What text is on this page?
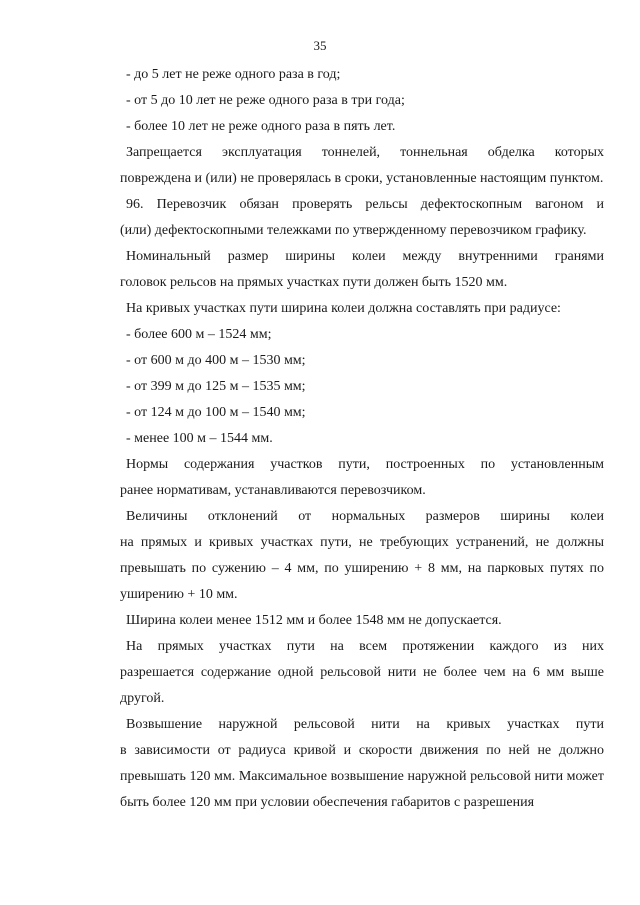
35

- до 5 лет не реже одного раза в год;

- от 5 до 10 лет не реже одного раза в три года;

- более 10 лет не реже одного раза в пять лет.

Запрещается эксплуатация тоннелей, тоннельная обделка которых

повреждена и (или) не проверялась в сроки, установленные настоящим пунктом.

96. Перевозчик обязан проверять рельсы дефектоскопным вагоном и

(или) дефектоскопными тележками по утвержденному перевозчиком графику.

Номинальный размер ширины колеи между внутренними гранями

головок рельсов на прямых участках пути должен быть 1520 мм.

На кривых участках пути ширина колеи должна составлять при радиусе:

- более 600 м – 1524 мм;

- от 600 м до 400 м – 1530 мм;

- от 399 м до 125 м – 1535 мм;

- от 124 м до 100 м – 1540 мм;

- менее 100 м – 1544 мм.

Нормы содержания участков пути, построенных по установленным

ранее нормативам, устанавливаются перевозчиком.

Величины отклонений от нормальных размеров ширины колеи

на прямых и кривых участках пути, не требующих устранений, не должны превышать по сужению – 4 мм, по уширению + 8 мм, на парковых путях по уширению + 10 мм.

Ширина колеи менее 1512 мм и более 1548 мм не допускается.

На прямых участках пути на всем протяжении каждого из них

разрешается содержание одной рельсовой нити не более чем на 6 мм выше другой.

Возвышение наружной рельсовой нити на кривых участках пути

в зависимости от радиуса кривой и скорости движения по ней не должно превышать 120 мм. Максимальное возвышение наружной рельсовой нити может быть более 120 мм при условии обеспечения габаритов с разрешения
